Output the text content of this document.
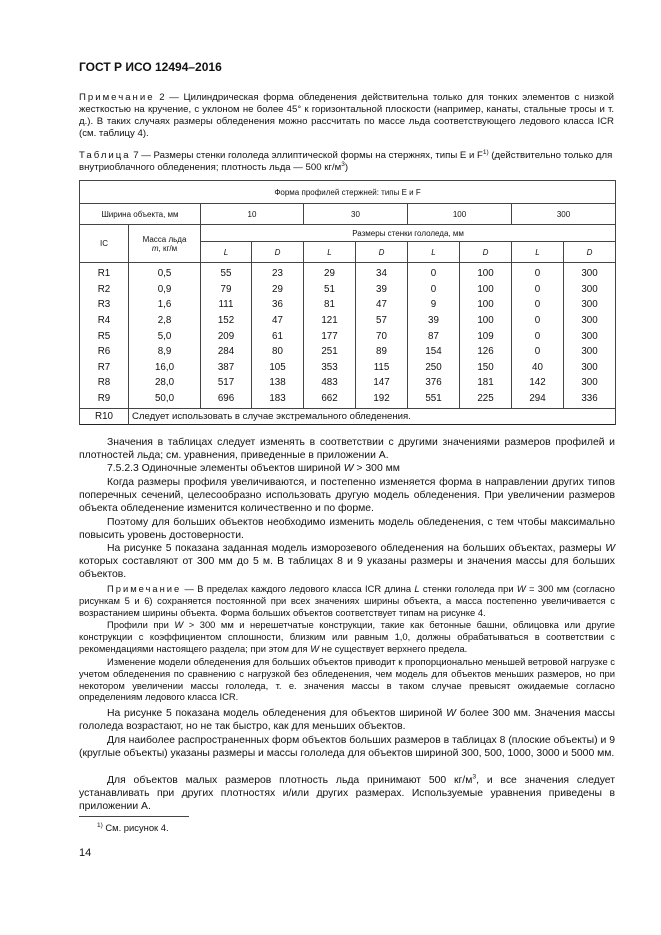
ГОСТ Р ИСО 12494–2016
Примечание 2 — Цилиндрическая форма обледенения действительна только для тонких элементов с низкой жесткостью на кручение, с уклоном не более 45° к горизонтальной плоскости (например, канаты, стальные тросы и т. д.). В таких случаях размеры обледенения можно рассчитать по массе льда соответствующего ледового класса ICR (см. таблицу 4).
Таблица 7 — Размеры стенки гололеда эллиптической формы на стержнях, типы E и $F^{1)}$ (действительно только для внутриоблачного обледенения; плотность льда — 500 $кг/м^3$)
Форма профилей стержней: типы E и F									
Ширина объекта, мм		10		30		100		300	
IC	Масса льда
m, кг/м	Размеры стенки гололеда, мм							
		L	D	L	D	L	D	L	D
R1	0,5	55	23	29	34	0	100	0	300
R2	0,9	79	29	51	39	0	100	0	300
R3	1,6	111	36	81	47	9	100	0	300
R4	2,8	152	47	121	57	39	100	0	300
R5	5,0	209	61	177	70	87	109	0	300
R6	8,9	284	80	251	89	154	126	0	300
R7	16,0	387	105	353	115	250	150	40	300
R8	28,0	517	138	483	147	376	181	142	300
R9	50,0	696	183	662	192	551	225	294	336

R10	Следует использовать в случае экстремального обледенения.								
Значения в таблицах следует изменять в соответствии с другими значениями размеров профилей и плотностей льда; см. уравнения, приведенные в приложении А.
7.5.2.3 Одиночные элементы объектов шириной W > 300 мм
Когда размеры профиля увеличиваются, и постепенно изменяется форма в направлении других типов поперечных сечений, целесообразно использовать другую модель обледенения. При увеличении размеров объекта обледенение изменится количественно и по форме.
Поэтому для больших объектов необходимо изменить модель обледенения, с тем чтобы максимально повысить уровень достоверности.
На рисунке 5 показана заданная модель изморозевого обледенения на больших объектах, размеры W которых составляют от 300 мм до 5 м. В таблицах 8 и 9 указаны размеры и значения массы для больших объектов.
Примечание — В пределах каждого ледового класса ICR длина L стенки гололеда при W = 300 мм (согласно рисункам 5 и 6) сохраняется постоянной при всех значениях ширины объекта, а масса постепенно увеличивается с возрастанием ширины объекта. Форма больших объектов соответствует типам на рисунке 4.
Профили при W > 300 мм и нерешетчатые конструкции, такие как бетонные башни, облицовка или другие конструкции с коэффициентом сплошности, близким или равным 1,0, должны обрабатываться в соответствии с рекомендациями настоящего раздела; при этом для W не существует верхнего предела.
Изменение модели обледенения для больших объектов приводит к пропорционально меньшей ветровой нагрузке с учетом обледенения по сравнению с нагрузкой без обледенения, чем модель для объектов меньших размеров, но при некотором увеличении массы гололеда, т. е. значения массы в таком случае превысят ожидаемые согласно определениям ледового класса ICR.
На рисунке 5 показана модель обледенения для объектов шириной W более 300 мм. Значения массы гололеда возрастают, но не так быстро, как для меньших объектов.
Для наиболее распространенных форм объектов больших размеров в таблицах 8 (плоские объекты) и 9 (круглые объекты) указаны размеры и массы гололеда для объектов шириной 300, 500, 1000, 3000 и 5000 мм.
Для объектов малых размеров плотность льда принимают 500 $кг/м^3$, и все значения следует устанавливать при других плотностях и/или других размерах. Используемые уравнения приведены в приложении А.
$^{1)}$ См. рисунок 4.
14
